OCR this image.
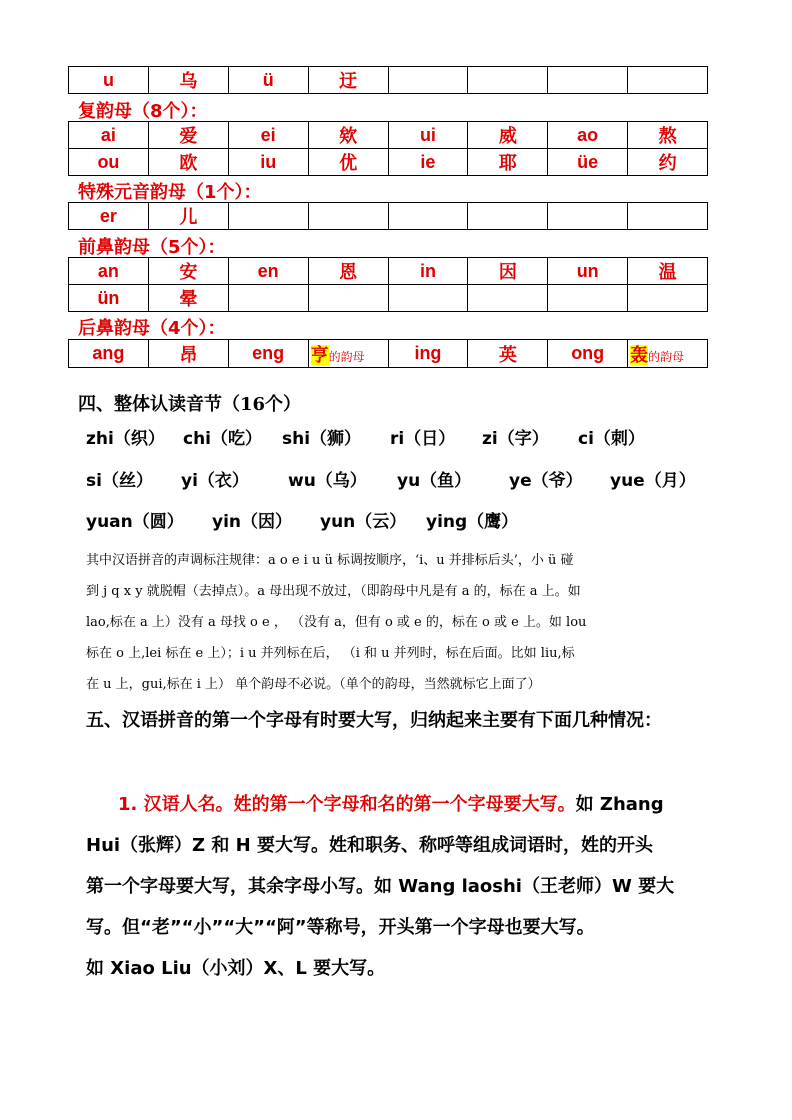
u	乌	ü	迂				
复韵母（8个）：
ai	爱	ei	欸	ui	威	ao	熬
ou	欧	iu	优	ie	耶	üe	约
特殊元音韵母（1个）：
er	儿						
前鼻韵母（5个）：
an	安	en	恩	in	因	un	温
ün	晕						
后鼻韵母（4个）：
ang	昂	eng	亨的韵母	ing	英	ong	轰的韵母
四、整体认读音节（16个）
zhi（织） chi（吃） shi（狮） ri（日） zi（字） ci（刺）
si（丝） yi（衣） wu（乌） yu（鱼） ye（爷） yue（月）
yuan（圆） yin（因） yun（云） ying（鹰）
其中汉语拼音的声调标注规律：a o e i u ü 标调按顺序，‘i、u 并排标后头’，小 ü 碰
到 j q x y 就脱帽（去掉点）。a 母出现不放过，（即韵母中凡是有 a 的，标在 a 上。如
lao,标在 a 上）没有 a 母找 o e ， （没有 a，但有 o 或 e 的，标在 o 或 e 上。如 lou
标在 o 上,lei 标在 e 上）；i u 并列标在后， （i 和 u 并列时，标在后面。比如 liu,标
在 u 上，gui,标在 i 上） 单个韵母不必说。（单个的韵母，当然就标它上面了）
五、汉语拼音的第一个字母有时要大写，归纳起来主要有下面几种情况：
1. 汉语人名。姓的第一个字母和名的第一个字母要大写。如 Zhang
Hui（张辉）Z 和 H 要大写。姓和职务、称呼等组成词语时，姓的开头
第一个字母要大写，其余字母小写。如 Wang laoshi（王老师）W 要大
写。但“老”“小”“大”“阿”等称号，开头第一个字母也要大写。
如 Xiao Liu（小刘）X、L 要大写。
